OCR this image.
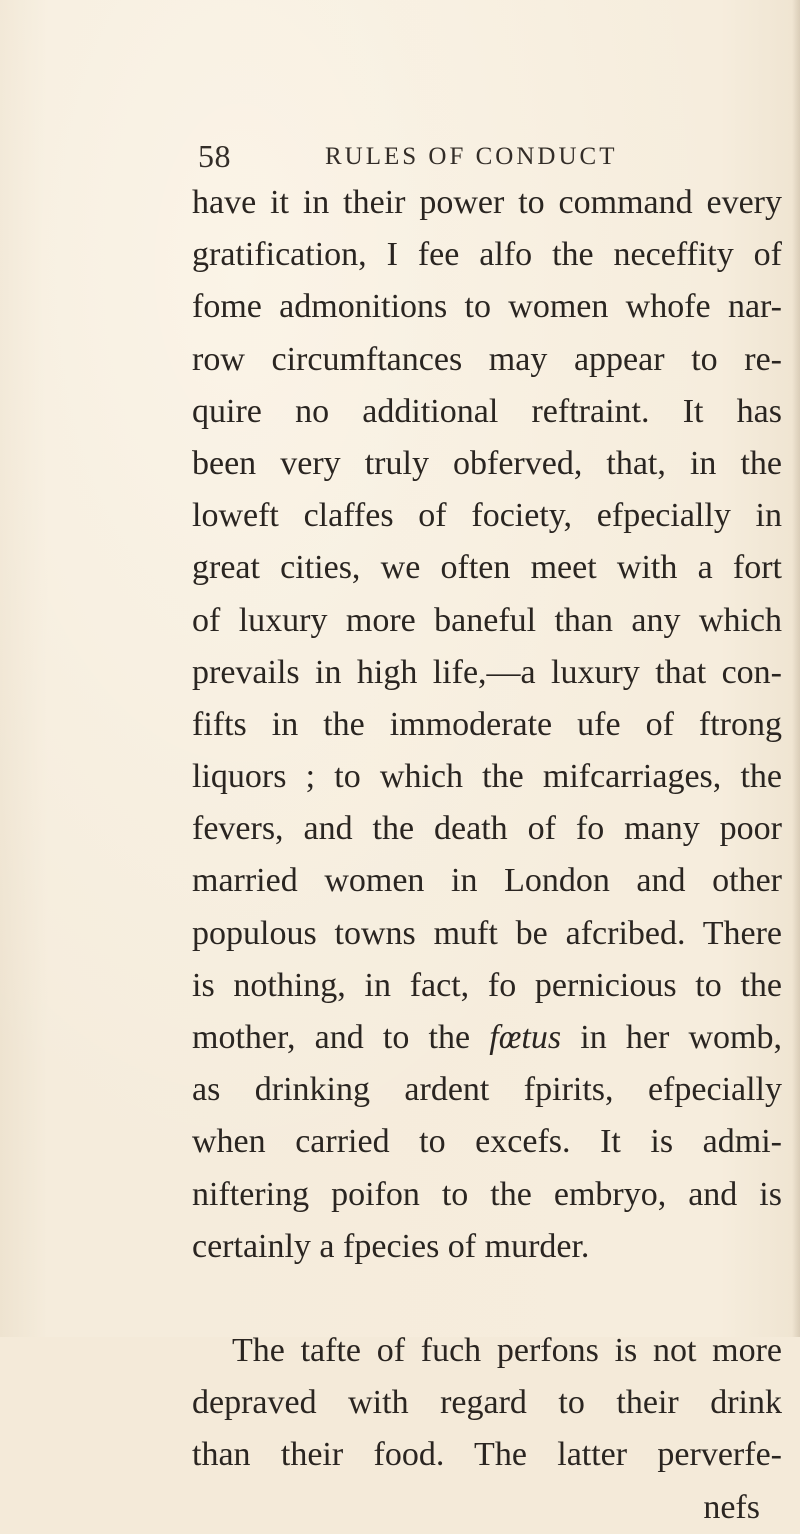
58	RULES OF CONDUCT
have it in their power to command every
gratification, I fee alfo the neceffity of
fome admonitions to women whofe nar-
row circumftances may appear to re-
quire no additional reftraint. It has
been very truly obferved, that, in the
loweft claffes of fociety, efpecially in
great cities, we often meet with a fort
of luxury more baneful than any which
prevails in high life,—a luxury that con-
fifts in the immoderate ufe of ftrong
liquors ; to which the mifcarriages, the
fevers, and the death of fo many poor
married women in London and other
populous towns muft be afcribed. There
is nothing, in fact, fo pernicious to the
mother, and to the fœtus in her womb,
as drinking ardent fpirits, efpecially
when carried to excefs. It is admi-
niftering poifon to the embryo, and is
certainly a fpecies of murder.
The tafte of fuch perfons is not more
depraved with regard to their drink
than their food. The latter perverfe-
nefs
